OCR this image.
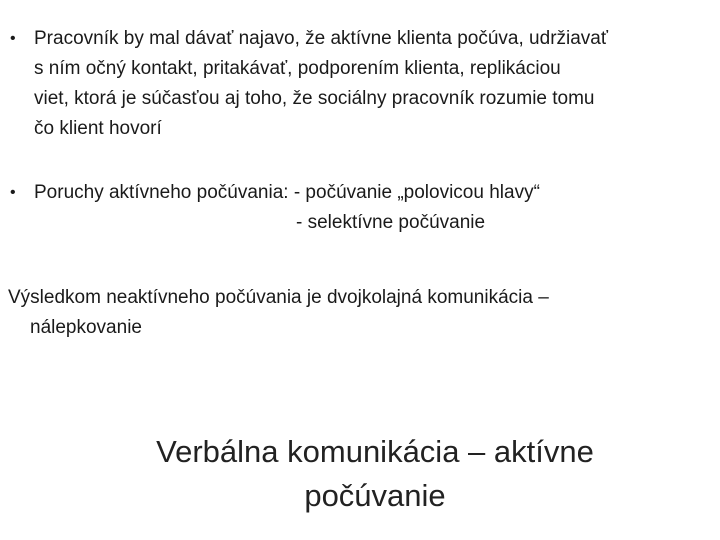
• Pracovník by mal dávať najavo, že aktívne klienta počúva, udržiavať
s ním očný kontakt, pritakávať, podporením klienta, replikáciou
viet, ktorá je súčasťou aj toho, že sociálny pracovník rozumie tomu
čo klient hovorí
• Poruchy aktívneho počúvania: - počúvanie „polovicou hlavy“
- selektívne počúvanie
Výsledkom neaktívneho počúvania je dvojkolajná komunikácia –
nálepkovanie
Verbálna komunikácia – aktívne
počúvanie
